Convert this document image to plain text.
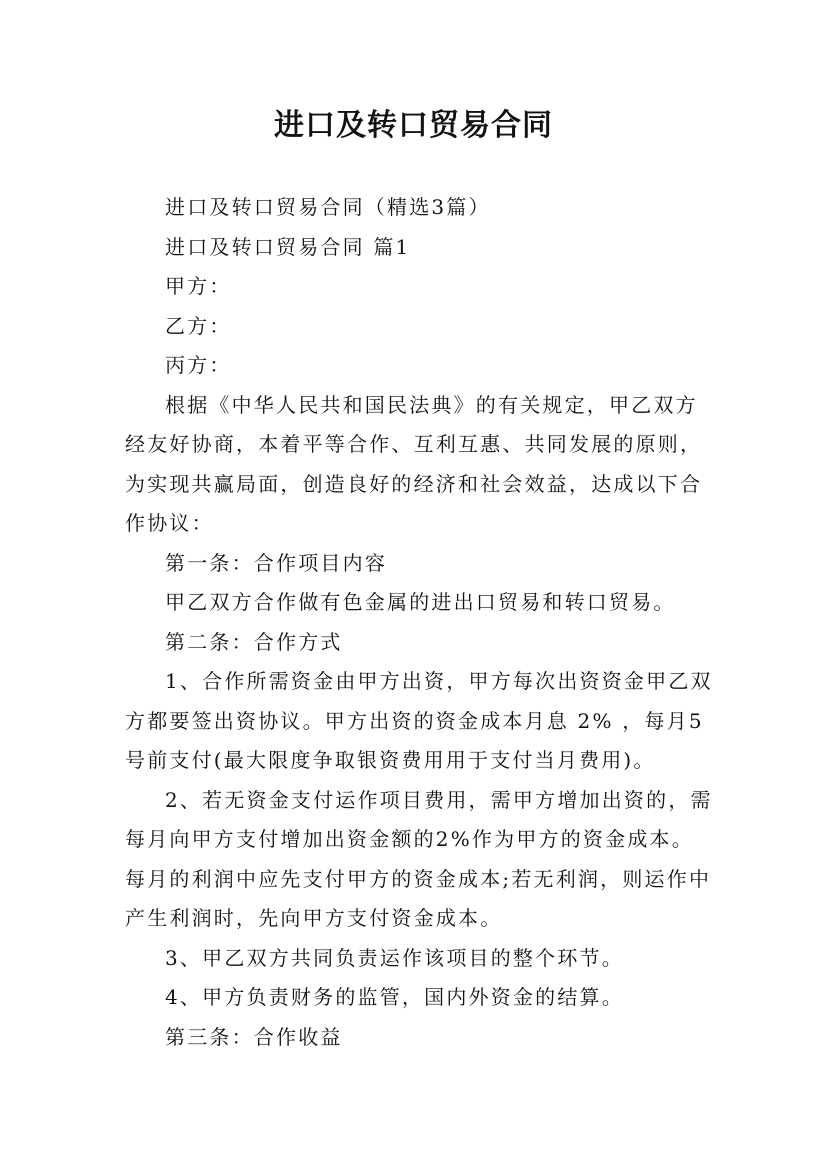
进口及转口贸易合同

进口及转口贸易合同（精选3篇）

进口及转口贸易合同 篇1

甲方：

乙方：

丙方：

根据《中华人民共和国民法典》的有关规定，甲乙双方经友好协商，本着平等合作、互利互惠、共同发展的原则，为实现共赢局面，创造良好的经济和社会效益，达成以下合作协议：

第一条：合作项目内容

甲乙双方合作做有色金属的进出口贸易和转口贸易。

第二条：合作方式

1、合作所需资金由甲方出资，甲方每次出资资金甲乙双方都要签出资协议。甲方出资的资金成本月息 2% ，每月5号前支付(最大限度争取银资费用用于支付当月费用)。

2、若无资金支付运作项目费用，需甲方增加出资的，需每月向甲方支付增加出资金额的2%作为甲方的资金成本。每月的利润中应先支付甲方的资金成本;若无利润，则运作中产生利润时，先向甲方支付资金成本。

3、甲乙双方共同负责运作该项目的整个环节。

4、甲方负责财务的监管，国内外资金的结算。

第三条：合作收益
